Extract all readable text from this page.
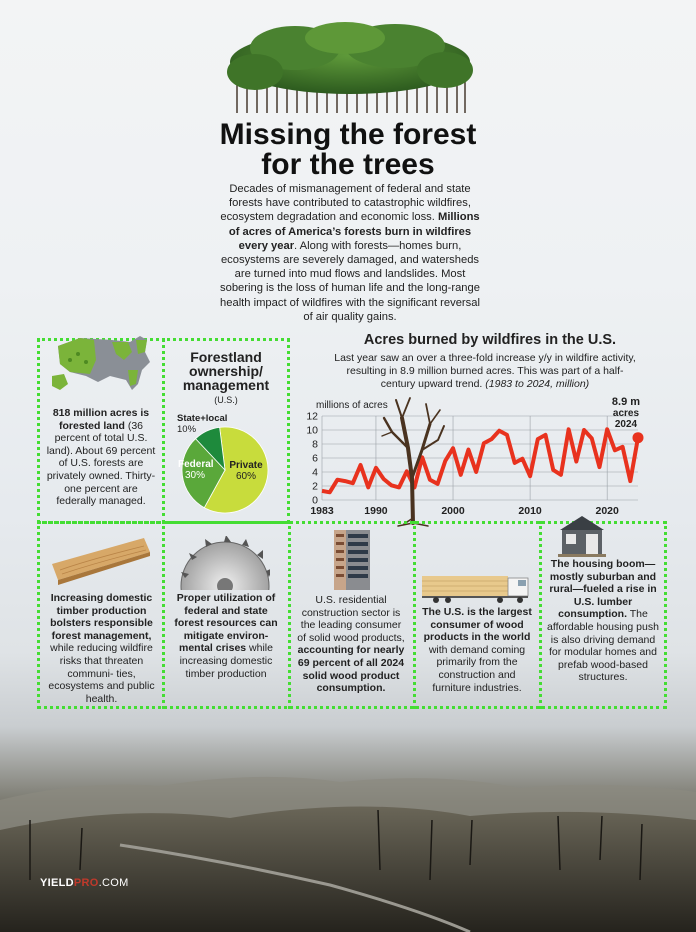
Missing the forest
for the trees
Decades of mismanagement of federal and state forests have contributed to catastrophic wildfires, ecosystem degradation and economic loss. Millions of acres of America’s forests burn in wildfires every year. Along with forests—homes burn, ecosystems are severely damaged, and watersheds are turned into mud flows and landslides. Most sobering is the loss of human life and the long-range health impact of wildfires with the significant reversal of air quality gains.
818 million acres is forested land (36 percent of total U.S. land). About 69 percent of U.S. forests are privately owned. Thirty-one percent are federally managed.
Forestland
ownership/
management
(U.S.)
State+local
10%
Federal
30%
Private
60%
Acres burned by wildfires in the U.S.
Last year saw an over a three-fold increase y/y in wildfire activity, resulting in 8.9 million burned acres. This was part of a half- century upward trend. (1983 to 2024, million)
millions of acres
0
2
4
6
8
10
12
1983	1990	2000	2010	2020
8.9 m
acres
2024
Increasing domestic timber production bolsters responsible forest management, while reducing wildfire risks that threaten communi- ties, ecosystems and public health.
Proper utilization of federal and state forest resources can mitigate environ- mental crises while increasing domestic timber production
U.S. residential construction sector is the leading consumer of solid wood products, accounting for nearly 69 percent of all 2024 solid wood product consumption.
The U.S. is the largest consumer of wood products in the world with demand coming primarily from the construction and furniture industries.
The housing boom—mostly suburban and rural—fueled a rise in U.S. lumber consumption. The affordable housing push is also driving demand for modular homes and prefab wood-based structures.
YIELDPRO.COM
